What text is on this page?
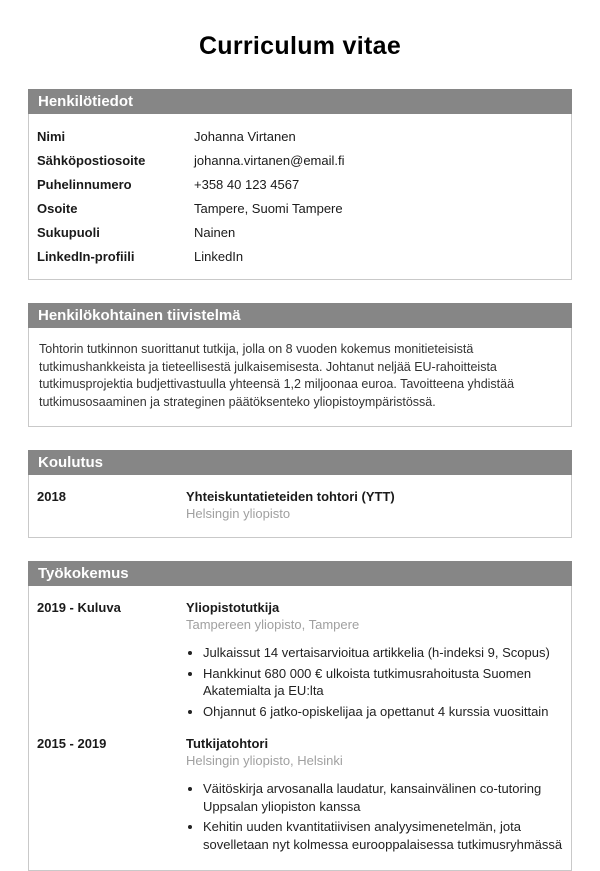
Curriculum vitae
Henkilötiedot
Nimi	Johanna Virtanen
Sähköpostiosoite	johanna.virtanen@email.fi
Puhelinnumero	+358 40 123 4567
Osoite	Tampere, Suomi Tampere
Sukupuoli	Nainen
LinkedIn-profiili	LinkedIn
Henkilökohtainen tiivistelmä
Tohtorin tutkinnon suorittanut tutkija, jolla on 8 vuoden kokemus monitieteisistä tutkimushankkeista ja tieteellisestä julkaisemisesta. Johtanut neljää EU-rahoitteista tutkimusprojektia budjettivastuulla yhteensä 1,2 miljoonaa euroa. Tavoitteena yhdistää tutkimusosaaminen ja strateginen päätöksenteko yliopistoympäristössä.
Koulutus
2018	Yhteiskuntatieteiden tohtori (YTT)
Helsingin yliopisto
Työkokemus
2019 - Kuluva	Yliopistotutkija
Tampereen yliopisto, Tampere
• Julkaissut 14 vertaisarvioitua artikkelia (h-indeksi 9, Scopus)
• Hankkinut 680 000 € ulkoista tutkimusrahoitusta Suomen Akatemialta ja EU:lta
• Ohjannut 6 jatko-opiskelijaa ja opettanut 4 kurssia vuosittain
2015 - 2019	Tutkijatohtori
Helsingin yliopisto, Helsinki
• Väitöskirja arvosanalla laudatur, kansainvälinen co-tutoring Uppsalan yliopiston kanssa
• Kehitin uuden kvantitatiivisen analyysimenetelmän, jota sovelletaan nyt kolmessa eurooppalaisessa tutkimusryhmässä
